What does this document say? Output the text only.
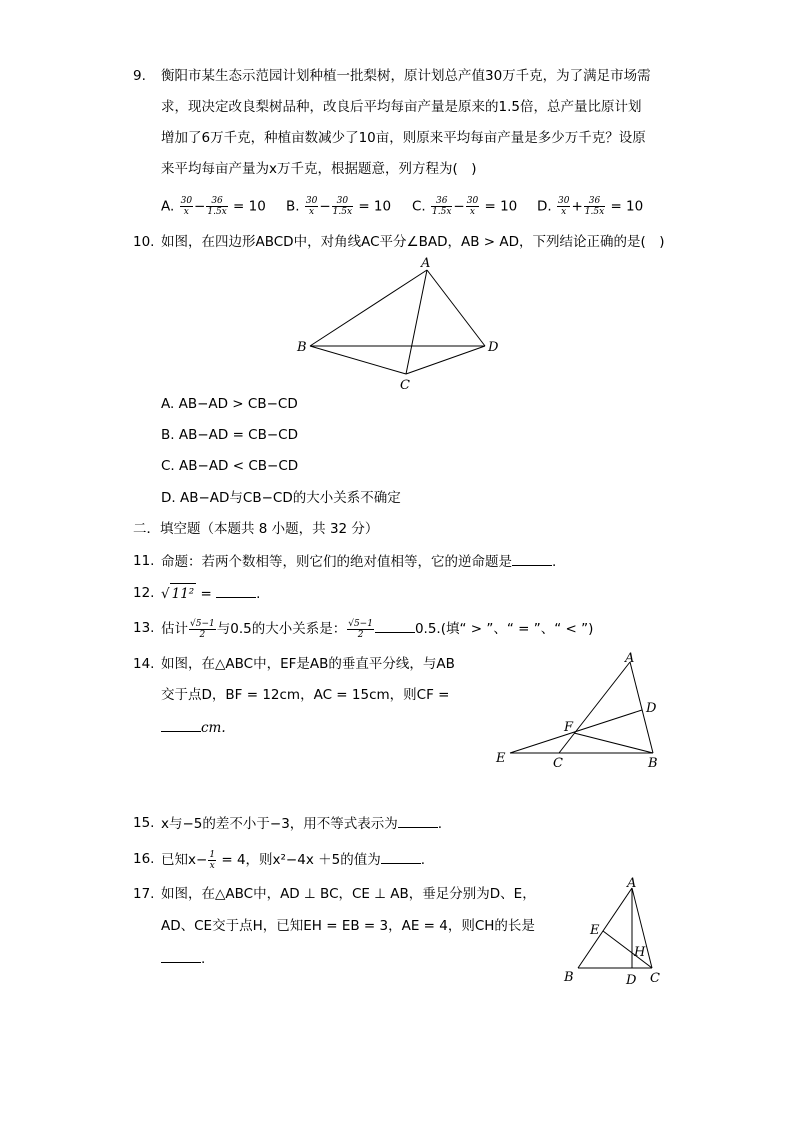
9. 衡阳市某生态示范园计划种植一批梨树，原计划总产值30万千克，为了满足市场需
求，现决定改良梨树品种，改良后平均每亩产量是原来的1.5倍，总产量比原计划
增加了6万千克，种植亩数减少了10亩，则原来平均每亩产量是多少万千克？设原
来平均每亩产量为x万千克，根据题意，列方程为(　)
A. $\frac{30}{x} - \frac{36}{1.5x} = 10$ B. $\frac{30}{x} - \frac{30}{1.5x} = 10$ C. $\frac{36}{1.5x} - \frac{30}{x} = 10$ D. $\frac{30}{x} + \frac{36}{1.5x} = 10$
10. 如图，在四边形ABCD中，对角线AC平分∠BAD，AB > AD，下列结论正确的是(　)
A
B
C
D
A. AB−AD > CB−CD
B. AB−AD = CB−CD
C. AB−AD < CB−CD
D. AB−AD与CB−CD的大小关系不确定
二．填空题（本题共 8 小题，共 32 分）
11. 命题：若两个数相等，则它们的绝对值相等，它的逆命题是	.
12. √ 11² =	.
13. 估计 $\frac{√5-1}{2}$ 与0.5的大小关系是： $\frac{√5-1}{2}$	0.5.(填“ > ”、“ = ”、“ < ”)
14. 如图，在△ABC中，EF是AB的垂直平分线，与AB
交于点D，BF = 12cm，AC = 15cm，则CF =
cm.
A
D
F
E	C	B
15. x与−5的差不小于−3，用不等式表示为	.
16. 已知$x- \frac{1}{x} = 4$，则x²−4x ＋5的值为	.
17. 如图，在△ABC中，AD ⊥ BC，CE ⊥ AB，垂足分别为D、E，
AD、CE交于点H，已知EH = EB = 3，AE = 4，则CH的长是
.
A
E
H
B	D C
